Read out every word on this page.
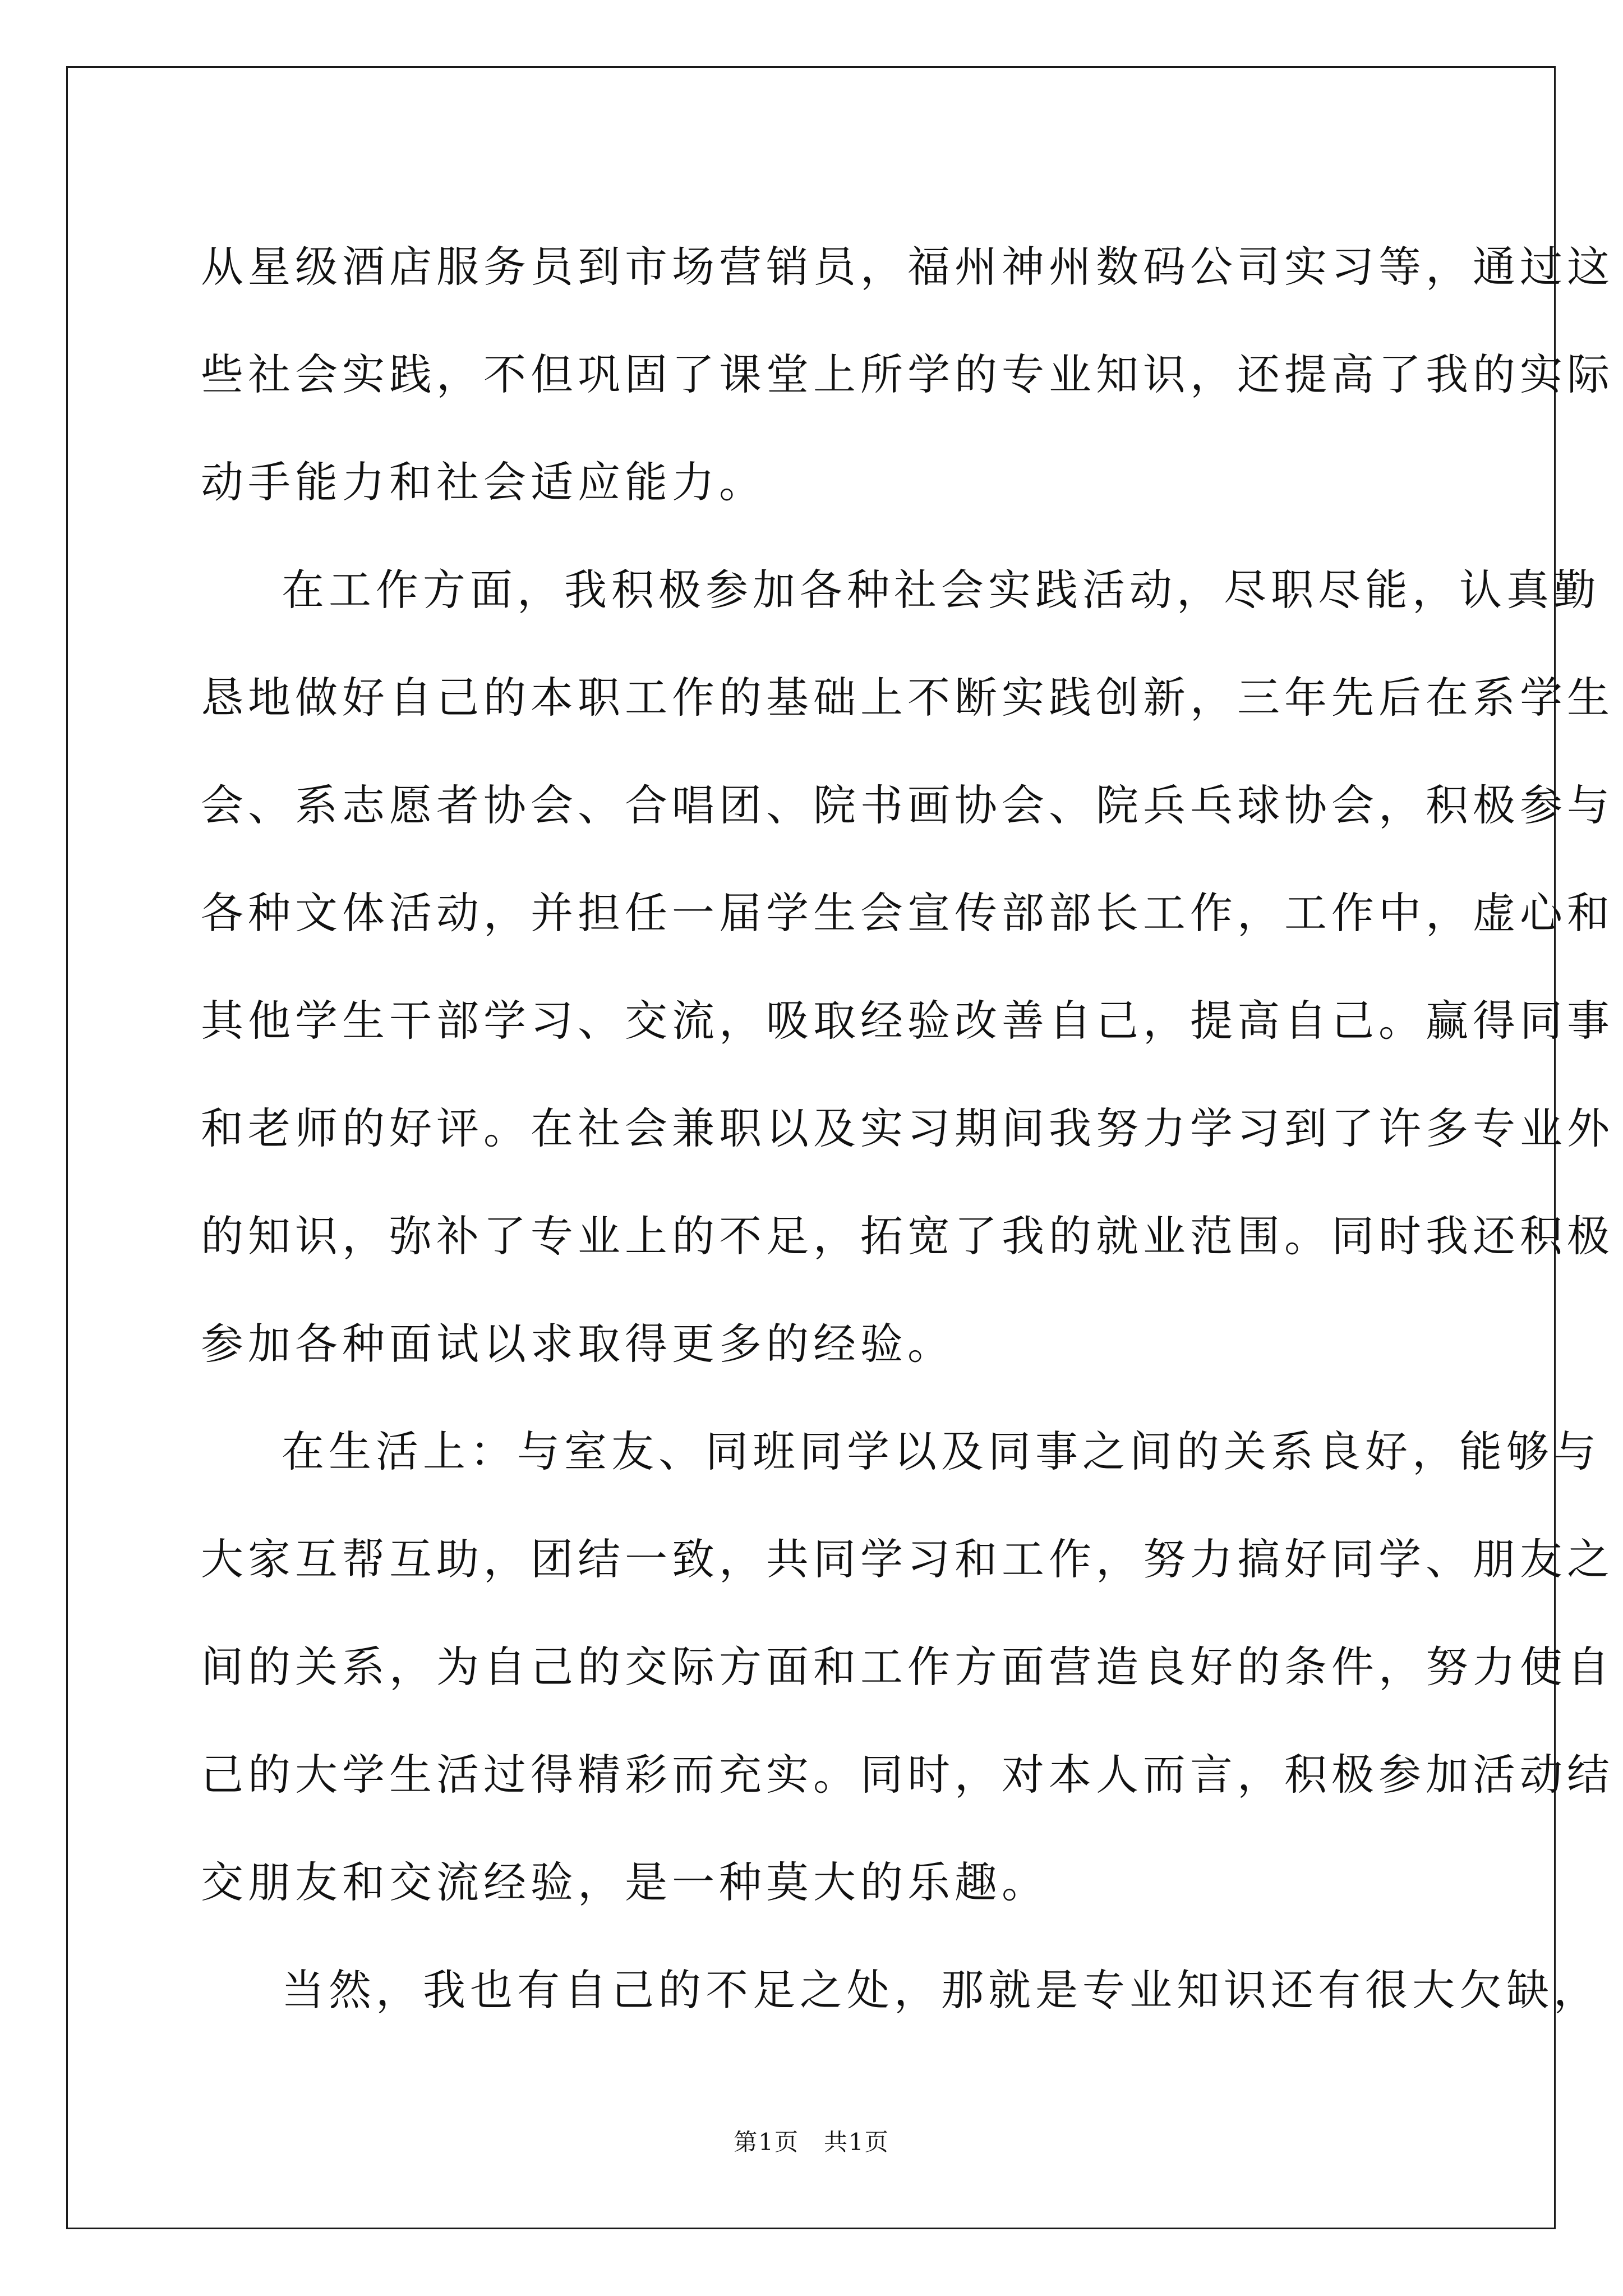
从星级酒店服务员到市场营销员，福州神州数码公司实习等，通过这
些社会实践，不但巩固了课堂上所学的专业知识，还提高了我的实际
动手能力和社会适应能力。
在工作方面，我积极参加各种社会实践活动，尽职尽能，认真勤
恳地做好自己的本职工作的基础上不断实践创新，三年先后在系学生
会、系志愿者协会、合唱团、院书画协会、院兵乓球协会，积极参与
各种文体活动，并担任一届学生会宣传部部长工作，工作中，虚心和
其他学生干部学习、交流，吸取经验改善自己，提高自己。赢得同事
和老师的好评。在社会兼职以及实习期间我努力学习到了许多专业外
的知识，弥补了专业上的不足，拓宽了我的就业范围。同时我还积极
参加各种面试以求取得更多的经验。
在生活上：与室友、同班同学以及同事之间的关系良好，能够与
大家互帮互助，团结一致，共同学习和工作，努力搞好同学、朋友之
间的关系，为自己的交际方面和工作方面营造良好的条件，努力使自
己的大学生活过得精彩而充实。同时，对本人而言，积极参加活动结
交朋友和交流经验，是一种莫大的乐趣。
当然，我也有自己的不足之处，那就是专业知识还有很大欠缺，
第1页 共1页
